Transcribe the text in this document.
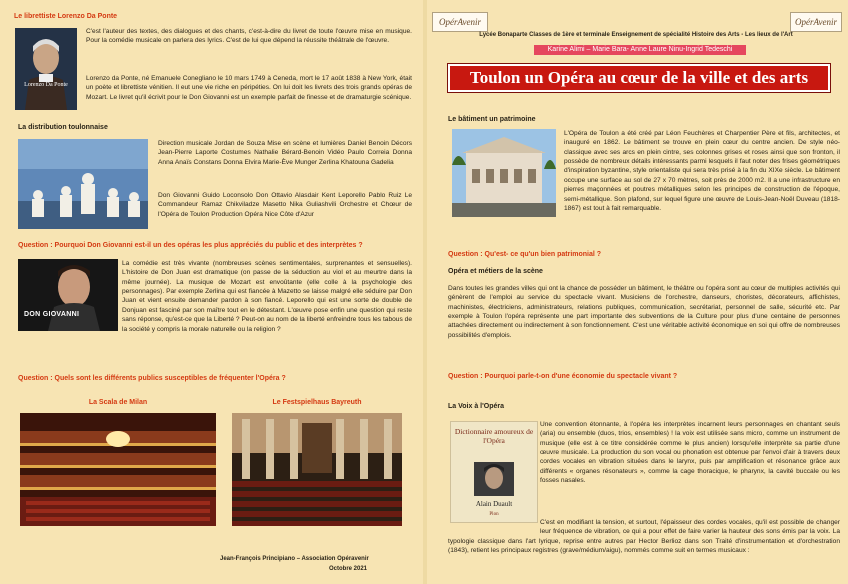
Le librettiste Lorenzo Da Ponte
Lorenzo Da Ponte

C'est l'auteur des textes, des dialogues et des chants, c'est-à-dire du livret de toute l'œuvre mise en musique. Pour la comédie musicale on parlera des lyrics. C'est de lui que dépend la réussite théâtrale de l'œuvre.

Lorenzo da Ponte, né Emanuele Conegliano le 10 mars 1749 à Ceneda, mort le 17 août 1838 à New York, était un poète et librettiste vénitien. Il eut une vie riche en péripéties. On lui doit les livrets des trois grands opéras de Mozart. Le livret qu'il écrivit pour le Don Giovanni est un exemple parfait de finesse et de dramaturgie scénique.

La distribution toulonnaise

Direction musicale Jordan de Souza Mise en scène et lumières Daniel Benoin Décors Jean-Pierre Laporte Costumes Nathalie Bérard-Benoin Vidéo Paulo Correia Donna Anna Anaïs Constans Donna Elvira Marie-Ève Munger Zerlina Khatouna Gadelia

Don Giovanni Guido Loconsolo Don Ottavio Alasdair Kent Leporello Pablo Ruiz Le Commandeur Ramaz Chikviladze Masetto Nika Guliashvili Orchestre et Chœur de l'Opéra de Toulon Production Opéra Nice Côte d'Azur

Question : Pourquoi Don Giovanni est-il un des opéras les plus appréciés du public et des interprètes ?
DON GIOVANNI
La comédie est très vivante (nombreuses scènes sentimentales, surprenantes et sensuelles). L'histoire de Don Juan est dramatique (on passe de la séduction au viol et au meurtre dans la même journée). La musique de Mozart est envoûtante (elle colle à la psychologie des personnages). Par exemple Zerlina qui est fiancée à Mazetto se laisse malgré elle séduire par Don Juan et vient ensuite demander pardon à son fiancé. Leporello qui est une sorte de double de Donjuan est fasciné par son maître tout en le détestant. L'œuvre pose enfin une question qui reste sans réponse, qu'est-ce que la Liberté ? Peut-on au nom de la liberté enfreindre tous les tabous de la société y compris la morale naturelle ou la religion ?
Question : Quels sont les différents publics susceptibles de fréquenter l'Opéra ?
La Scala de Milan	Le Festspielhaus Bayreuth
Jean-François Principiano – Association Opéravenir
Octobre 2021
OpérAvenir	OpérAvenir
Lycée Bonaparte Classes de 1ère et terminale Enseignement de spécialité Histoire des Arts - Les lieux de l'Art
Karine Alimi – Marie Bara- Anne Laure Ninu-Ingrid Tedeschi
Toulon un Opéra au cœur de la ville et des arts
Le bâtiment un patrimoine

L'Opéra de Toulon a été créé par Léon Feuchères et Charpentier Père et fils, architectes, et inauguré en 1862. Le bâtiment se trouve en plein cœur du centre ancien. De style néo-classique avec ses arcs en plein cintre, ses colonnes grises et roses ainsi que son fronton, il possède de nombreux détails intéressants parmi lesquels il faut noter des frises géométriques d'inspiration byzantine, style orientaliste qui sera très prisé à la fin du XIXe siècle. Le bâtiment occupe une surface au sol de 27 x 70 mètres, soit près de 2000 m2. Il a une infrastructure en pierres maçonnées et poutres métalliques selon les principes de construction de l'époque, semi-métallique. Son plafond, sur lequel figure une œuvre de Louis-Jean-Noël Duveau (1818-1867) est tout à fait remarquable.

Question : Qu'est- ce qu'un bien patrimonial ?
Opéra et métiers de la scène

Dans toutes les grandes villes qui ont la chance de posséder un bâtiment, le théâtre ou l'opéra sont au cœur de multiples activités qui génèrent de l'emploi au service du spectacle vivant. Musiciens de l'orchestre, danseurs, choristes, décorateurs, affichistes, machinistes, électriciens, administrateurs, relations publiques, communication, secrétariat, personnel de salle, sécurité etc. Par exemple à Toulon l'opéra représente une part importante des subventions de la Culture pour plus d'une centaine de personnes attachées directement ou indirectement à son fonctionnement. C'est une véritable activité économique en soi qui offre de nombreuses possibilités d'emplois.

Question : Pourquoi parle-t-on d'une économie du spectacle vivant ?
La Voix à l'Opéra
Dictionnaire amoureux de l'Opéra
Alain Duault
Plon

Une convention étonnante, à l'opéra les interprètes incarnent leurs personnages en chantant seuls (aria) ou ensemble (duos, trios, ensembles) ! la voix est utilisée sans micro, comme un instrument de musique (elle est à ce titre considérée comme le plus ancien) lorsqu'elle interprète sa partie d'une œuvre musicale. La production du son vocal ou phonation est obtenue par l'envoi d'air à travers deux cordes vocales en vibration situées dans le larynx, puis par amplification et résonance grâce aux différents « organes résonateurs », comme la cage thoracique, le pharynx, la cavité buccale ou les fosses nasales.

C'est en modifiant la tension, et surtout, l'épaisseur des cordes vocales, qu'il est possible de changer leur fréquence de vibration, ce qui a pour effet de faire varier la hauteur des sons émis par la voix. La typologie classique dans l'art lyrique, reprise entre autres par Hector Berlioz dans son Traité d'instrumentation et d'orchestration (1843), retient les principaux registres (grave/médium/aigu), nommés comme suit en termes musicaux :
